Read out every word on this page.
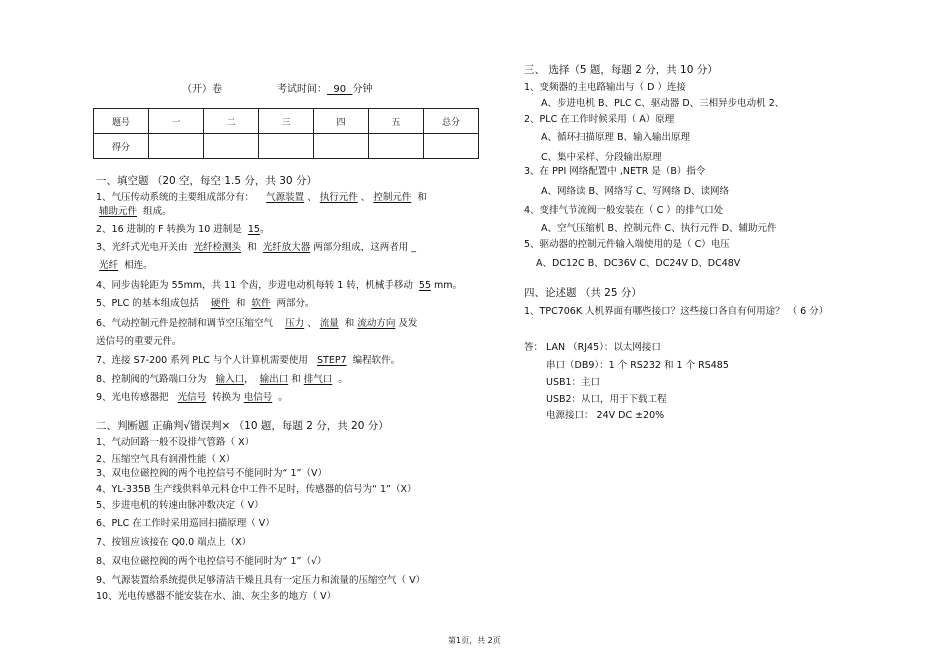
（开）卷	考试时间： 90 分钟
题号	一	二	三	四	五	总分
得分						
一、填空题 （20 空，每空 1.5 分，共 30 分）
1、气压传动系统的主要组成部分有： 气源装置 、 执行元件 、 控制元件 和
辅助元件 组成。
2、16 进制的 F 转换为 10 进制是 15。
3、光纤式光电开关由 光纤检测头 和 光纤放大器 两部分组成，这两者用 _
光纤 相连。
4、同步齿轮距为 55mm，共 11 个齿，步进电动机每转 1 转，机械手移动 55 mm。
5、PLC 的基本组成包括 硬件 和 软件 两部分。
6、气动控制元件是控制和调节空压缩空气 压力 、 流量 和 流动方向 及发
送信号的重要元件。
7、连接 S7-200 系列 PLC 与个人计算机需要使用 STEP7 编程软件。
8、控制阀的气路端口分为 输入口， 输出口 和 排气口 。
9、光电传感器把 光信号 转换为 电信号 。
二、判断题 正确判√错误判× （10 题，每题 2 分，共 20 分）
1、气动回路一般不设排气管路（ X）
2、压缩空气具有润滑性能（ X）
3、双电位磁控阀的两个电控信号不能同时为“ 1”（V）
4、YL-335B 生产线供料单元料仓中工件不足时，传感器的信号为“ 1”（X）
5、步进电机的转速由脉冲数决定（ V）
6、PLC 在工作时采用巡回扫描原理（ V）
7、按钮应该接在 Q0.0 端点上（X）
8、双电位磁控阀的两个电控信号不能同时为“ 1”（√）
9、气源装置给系统提供足够清洁干燥且具有一定压力和流量的压缩空气（ V）
10、光电传感器不能安装在水、油、灰尘多的地方（ V）
三、 选择（5 题，每题 2 分，共 10 分）
1、变频器的主电路输出与（ D ）连接
A、步进电机 B、PLC C、驱动器 D、三相异步电动机 2、
2、PLC 在工作时候采用（ A）原理
A、循环扫描原理 B、输入输出原理
C、集中采样、分段输出原理
3、在 PPI 网络配置中 ,NETR 是（B）指令
A、网络读 B、网络写 C、写网络 D、读网络
4、变排气节流阀一般安装在（ C ）的排气口处
A、空气压缩机 B、控制元件 C、执行元件 D、辅助元件
5、驱动器的控制元件输入端使用的是（ C）电压
A、DC12C B、DC36V C、DC24V D、DC48V
四、论述题 （共 25 分）
1、TPC706K 人机界面有哪些接口？这些接口各自有何用途？ （ 6 分）
答： LAN （RJ45）：以太网接口
串口（DB9）：1 个 RS232 和 1 个 RS485
USB1：主口
USB2：从口，用于下载工程
电源接口： 24V DC ±20%
第1页，共 2页
